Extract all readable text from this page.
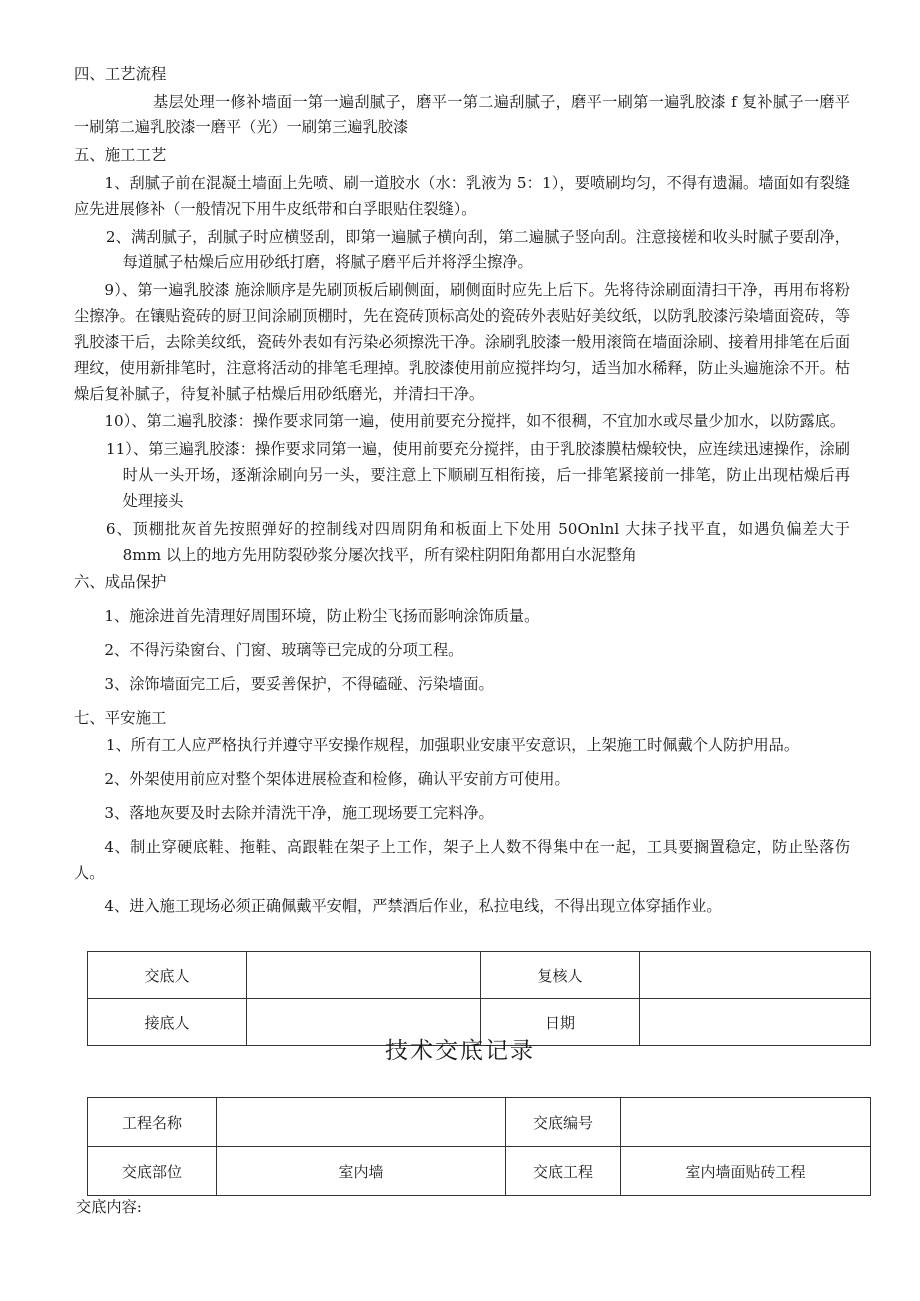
四、工艺流程

基层处理一修补墙面一第一遍刮腻子，磨平一第二遍刮腻子，磨平一刷第一遍乳胶漆 f 复补腻子一磨平一刷第二遍乳胶漆一磨平（光）一刷第三遍乳胶漆

五、施工工艺

1、刮腻子前在混凝土墙面上先喷、刷一道胶水（水：乳液为 5：1），要喷刷均匀，不得有遗漏。墙面如有裂缝应先进展修补（一般情况下用牛皮纸带和白孚眼贴住裂缝）。

2、满刮腻子，刮腻子时应横竖刮，即第一遍腻子横向刮，第二遍腻子竖向刮。注意接槎和收头时腻子要刮净，每道腻子枯燥后应用砂纸打磨，将腻子磨平后并将浮尘擦净。

9）、第一遍乳胶漆 施涂顺序是先刷顶板后刷侧面，刷侧面时应先上后下。先将待涂刷面清扫干净，再用布将粉尘擦净。在镶贴瓷砖的厨卫间涂刷顶棚时，先在瓷砖顶标高处的瓷砖外表贴好美纹纸，以防乳胶漆污染墙面瓷砖，等乳胶漆干后，去除美纹纸，瓷砖外表如有污染必须擦洗干净。涂刷乳胶漆一般用滚筒在墙面涂刷、接着用排笔在后面理纹，使用新排笔时，注意将活动的排笔毛理掉。乳胶漆使用前应搅拌均匀，适当加水稀释，防止头遍施涂不开。枯燥后复补腻子，待复补腻子枯燥后用砂纸磨光，并清扫干净。

10）、第二遍乳胶漆：操作要求同第一遍，使用前要充分搅拌，如不很稠，不宜加水或尽量少加水，以防露底。

11）、第三遍乳胶漆：操作要求同第一遍，使用前要充分搅拌，由于乳胶漆膜枯燥较快，应连续迅速操作，涂刷时从一头开场，逐渐涂刷向另一头，要注意上下顺刷互相衔接，后一排笔紧接前一排笔，防止出现枯燥后再处理接头

6、顶棚批灰首先按照弹好的控制线对四周阴角和板面上下处用 50Onlnl 大抹子找平直，如遇负偏差大于 8mm 以上的地方先用防裂砂浆分屡次找平，所有梁柱阴阳角都用白水泥整角

六、成品保护

1、施涂进首先清理好周围环境，防止粉尘飞扬而影响涂饰质量。

2、不得污染窗台、门窗、玻璃等已完成的分项工程。

3、涂饰墙面完工后，要妥善保护，不得磕碰、污染墙面。

七、平安施工

1、所有工人应严格执行并遵守平安操作规程，加强职业安康平安意识，上架施工时佩戴个人防护用品。

2、外架使用前应对整个架体进展检查和检修，确认平安前方可使用。

3、落地灰要及时去除并清洗干净，施工现场要工完料净。

4、制止穿硬底鞋、拖鞋、高跟鞋在架子上工作，架子上人数不得集中在一起，工具要搁置稳定，防止坠落伤人。

4、进入施工现场必须正确佩戴平安帽，严禁酒后作业，私拉电线，不得出现立体穿插作业。

交底人		复核人	
接底人		日期	
技术交底记录
工程名称		交底编号	
交底部位	室内墙	交底工程	室内墙面贴砖工程
交底内容:
